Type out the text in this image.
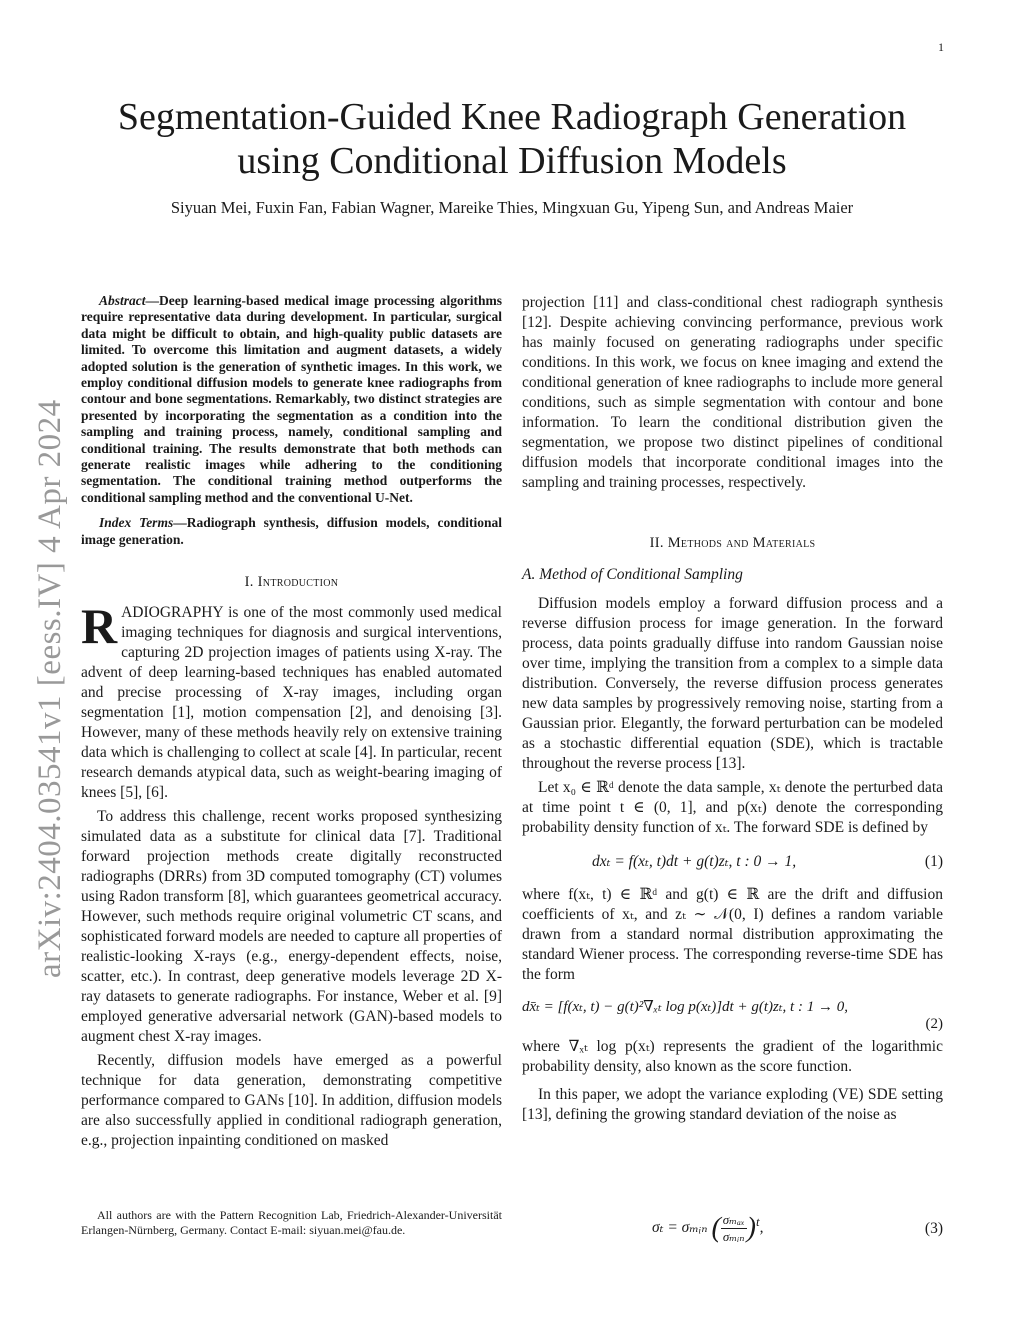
1
arXiv:2404.03541v1 [eess.IV] 4 Apr 2024
Segmentation-Guided Knee Radiograph Generation
using Conditional Diffusion Models
Siyuan Mei, Fuxin Fan, Fabian Wagner, Mareike Thies, Mingxuan Gu, Yipeng Sun, and Andreas Maier

Abstract—Deep learning-based medical image processing algorithms require representative data during development. In particular, surgical data might be difficult to obtain, and high-quality public datasets are limited. To overcome this limitation and augment datasets, a widely adopted solution is the generation of synthetic images. In this work, we employ conditional diffusion models to generate knee radiographs from contour and bone segmentations. Remarkably, two distinct strategies are presented by incorporating the segmentation as a condition into the sampling and training process, namely, conditional sampling and conditional training. The results demonstrate that both methods can generate realistic images while adhering to the conditioning segmentation. The conditional training method outperforms the conditional sampling method and the conventional U-Net.

Index Terms—Radiograph synthesis, diffusion models, conditional image generation.

I. Introduction

RADIOGRAPHY is one of the most commonly used medical imaging techniques for diagnosis and surgical interventions, capturing 2D projection images of patients using X-ray. The advent of deep learning-based techniques has enabled automated and precise processing of X-ray images, including organ segmentation [1], motion compensation [2], and denoising [3]. However, many of these methods heavily rely on extensive training data which is challenging to collect at scale [4]. In particular, recent research demands atypical data, such as weight-bearing imaging of knees [5], [6].

To address this challenge, recent works proposed synthesizing simulated data as a substitute for clinical data [7]. Traditional forward projection methods create digitally reconstructed radiographs (DRRs) from 3D computed tomography (CT) volumes using Radon transform [8], which guarantees geometrical accuracy. However, such methods require original volumetric CT scans, and sophisticated forward models are needed to capture all properties of realistic-looking X-rays (e.g., energy-dependent effects, noise, scatter, etc.). In contrast, deep generative models leverage 2D X-ray datasets to generate radiographs. For instance, Weber et al. [9] employed generative adversarial network (GAN)-based models to augment chest X-ray images.

Recently, diffusion models have emerged as a powerful technique for data generation, demonstrating competitive performance compared to GANs [10]. In addition, diffusion models are also successfully applied in conditional radiograph generation, e.g., projection inpainting conditioned on masked

All authors are with the Pattern Recognition Lab, Friedrich-Alexander-Universität Erlangen-Nürnberg, Germany. Contact E-mail: siyuan.mei@fau.de.

projection [11] and class-conditional chest radiograph synthesis [12]. Despite achieving convincing performance, previous work has mainly focused on generating radiographs under specific conditions. In this work, we focus on knee imaging and extend the conditional generation of knee radiographs to include more general conditions, such as simple segmentation with contour and bone information. To learn the conditional distribution given the segmentation, we propose two distinct pipelines of conditional diffusion models that incorporate conditional images into the sampling and training processes, respectively.

II. Methods and Materials
A. Method of Conditional Sampling

Diffusion models employ a forward diffusion process and a reverse diffusion process for image generation. In the forward process, data points gradually diffuse into random Gaussian noise over time, implying the transition from a complex to a simple data distribution. Conversely, the reverse diffusion process generates new data samples by progressively removing noise, starting from a Gaussian prior. Elegantly, the forward perturbation can be modeled as a stochastic differential equation (SDE), which is tractable throughout the reverse process [13].

Let x₀ ∈ ℝᵈ denote the data sample, xₜ denote the perturbed data at time point t ∈ (0, 1], and p(xₜ) denote the corresponding probability density function of xₜ. The forward SDE is defined by

dxₜ = f(xₜ, t)dt + g(t)zₜ, t : 0 → 1,	(1)

where f(xₜ, t) ∈ ℝᵈ and g(t) ∈ ℝ are the drift and diffusion coefficients of xₜ, and zₜ ∼ 𝒩(0, I) defines a random variable drawn from a standard normal distribution approximating the standard Wiener process. The corresponding reverse-time SDE has the form

dx̄ₜ = [f(xₜ, t) − g(t)²∇ₓₜ log p(xₜ)]dt + g(t)zₜ, t : 1 → 0,
(2)

where ∇ₓₜ log p(xₜ) represents the gradient of the logarithmic probability density, also known as the score function.

In this paper, we adopt the variance exploding (VE) SDE setting [13], defining the growing standard deviation of the noise as

σₜ = σₘᵢₙ ( $\frac{\text{σₘₐₓ}}{\text{σₘᵢₙ}} )^t$,	(3)
